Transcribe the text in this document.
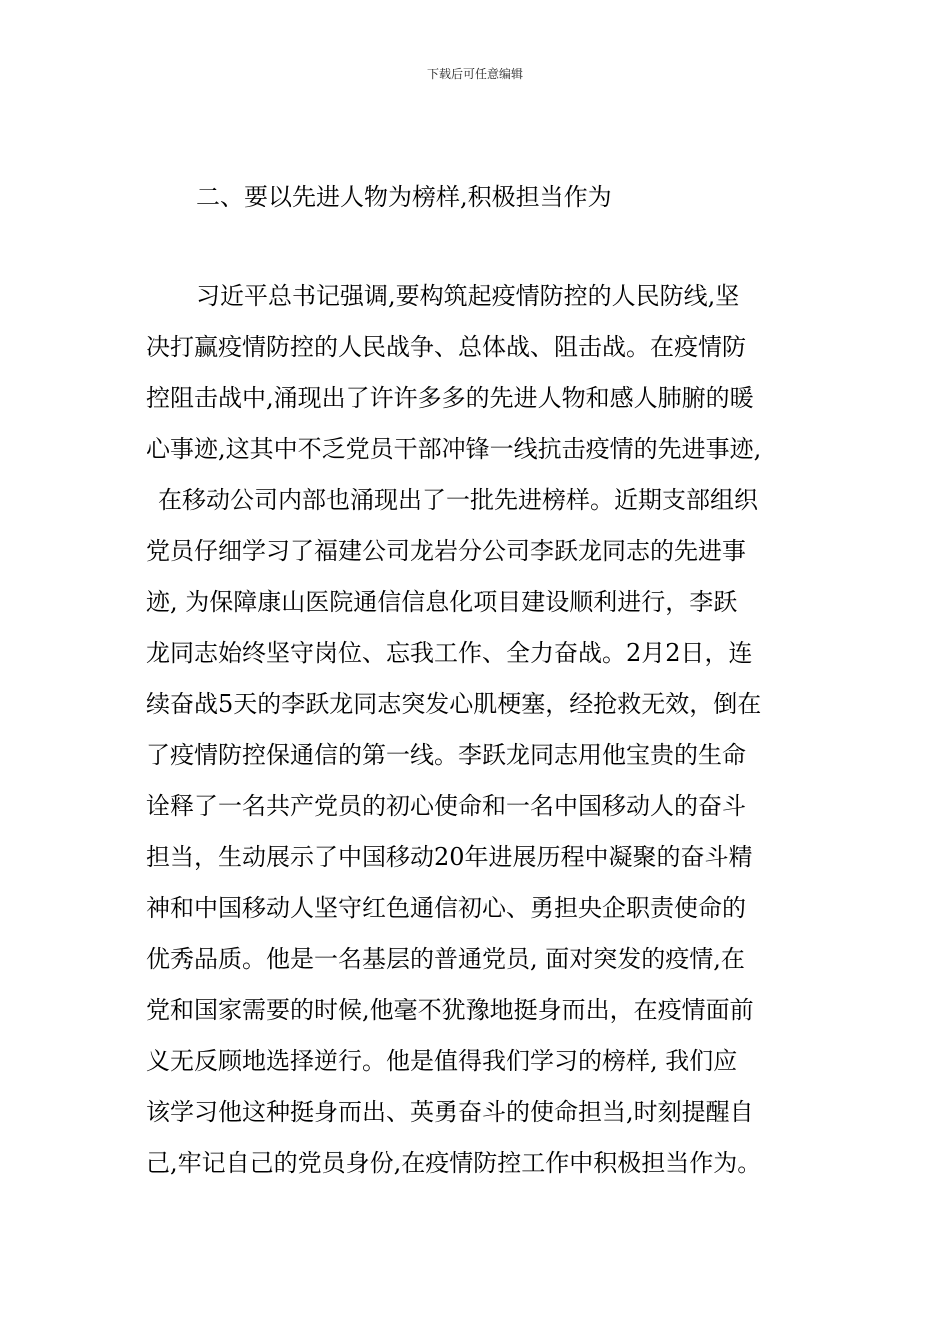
下载后可任意编辑
二、要以先进人物为榜样,积极担当作为
习近平总书记强调,要构筑起疫情防控的人民防线,坚
决打赢疫情防控的人民战争、总体战、阻击战。在疫情防
控阻击战中,涌现出了许许多多的先进人物和感人肺腑的暖
心事迹,这其中不乏党员干部冲锋一线抗击疫情的先进事迹,
在移动公司内部也涌现出了一批先进榜样。近期支部组织
党员仔细学习了福建公司龙岩分公司李跃龙同志的先进事
迹, 为保障康山医院通信信息化项目建设顺利进行，李跃
龙同志始终坚守岗位、忘我工作、全力奋战。2月2日，连
续奋战5天的李跃龙同志突发心肌梗塞，经抢救无效，倒在
了疫情防控保通信的第一线。李跃龙同志用他宝贵的生命
诠释了一名共产党员的初心使命和一名中国移动人的奋斗
担当，生动展示了中国移动20年进展历程中凝聚的奋斗精
神和中国移动人坚守红色通信初心、勇担央企职责使命的
优秀品质。他是一名基层的普通党员, 面对突发的疫情,在
党和国家需要的时候,他毫不犹豫地挺身而出，在疫情面前
义无反顾地选择逆行。他是值得我们学习的榜样, 我们应
该学习他这种挺身而出、英勇奋斗的使命担当,时刻提醒自
己,牢记自己的党员身份,在疫情防控工作中积极担当作为。
